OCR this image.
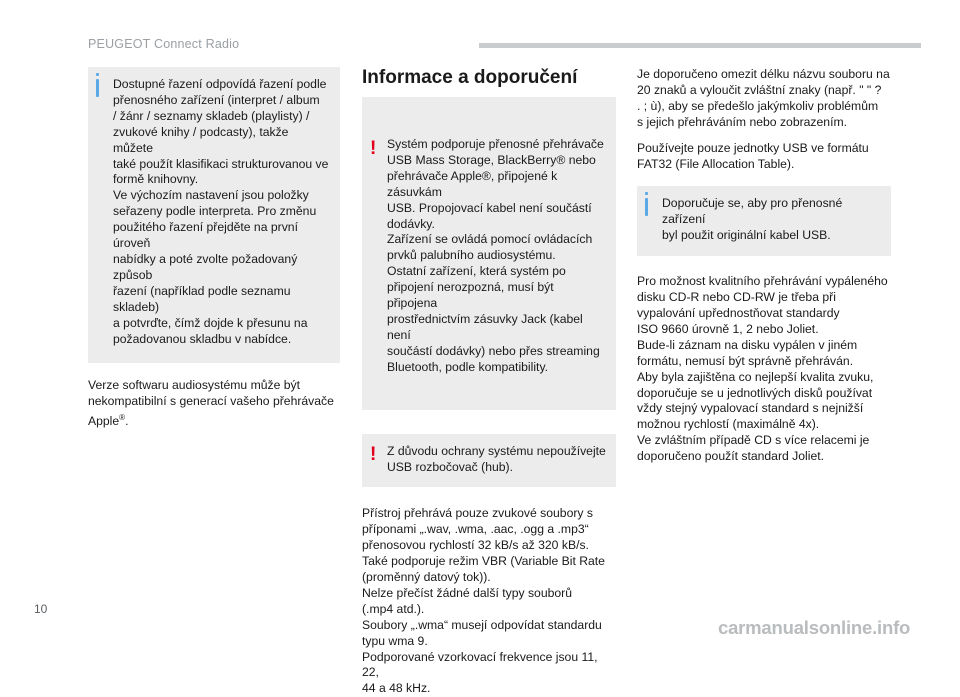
PEUGEOT Connect Radio
Dostupné řazení odpovídá řazení podle
přenosného zařízení (interpret / album
/ žánr / seznamy skladeb (playlisty) /
zvukové knihy / podcasty), takže můžete
také použít klasifikaci strukturovanou ve
formě knihovny.
Ve výchozím nastavení jsou položky
seřazeny podle interpreta. Pro změnu
použitého řazení přejděte na první úroveň
nabídky a poté zvolte požadovaný způsob
řazení (například podle seznamu skladeb)
a potvrďte, čímž dojde k přesunu na
požadovanou skladbu v nabídce.

Verze softwaru audiosystému může být
nekompatibilní s generací vašeho přehrávače
Apple®.

Informace a doporučení
! Systém podporuje přenosné přehrávače
USB Mass Storage, BlackBerry® nebo
přehrávače Apple®, připojené k zásuvkám
USB. Propojovací kabel není součástí
dodávky.
Zařízení se ovládá pomocí ovládacích
prvků palubního audiosystému.
Ostatní zařízení, která systém po
připojení nerozpozná, musí být připojena
prostřednictvím zásuvky Jack (kabel není
součástí dodávky) nebo přes streaming
Bluetooth, podle kompatibility.
! Z důvodu ochrany systému nepoužívejte
USB rozbočovač (hub).

Přístroj přehrává pouze zvukové soubory s
příponami „.wav, .wma, .aac, .ogg a .mp3“
přenosovou rychlostí 32 kB/s až 320 kB/s.
Také podporuje režim VBR (Variable Bit Rate
(proměnný datový tok)).
Nelze přečíst žádné další typy souborů
(.mp4 atd.).
Soubory „.wma“ musejí odpovídat standardu
typu wma 9.
Podporované vzorkovací frekvence jsou 11, 22,
44 a 48 kHz.

Je doporučeno omezit délku názvu souboru na
20 znaků a vyloučit zvláštní znaky (např. " " ?
. ; ù), aby se předešlo jakýmkoliv problémům
s jejich přehráváním nebo zobrazením.

Používejte pouze jednotky USB ve formátu
FAT32 (File Allocation Table).

Doporučuje se, aby pro přenosné zařízení
byl použit originální kabel USB.

Pro možnost kvalitního přehrávání vypáleného
disku CD-R nebo CD-RW je třeba při
vypalování upřednostňovat standardy
ISO 9660 úrovně 1, 2 nebo Joliet.
Bude-li záznam na disku vypálen v jiném
formátu, nemusí být správně přehráván.
Aby byla zajištěna co nejlepší kvalita zvuku,
doporučuje se u jednotlivých disků používat
vždy stejný vypalovací standard s nejnižší
možnou rychlostí (maximálně 4x).
Ve zvláštním případě CD s více relacemi je
doporučeno použít standard Joliet.

10
carmanualsonline.info
